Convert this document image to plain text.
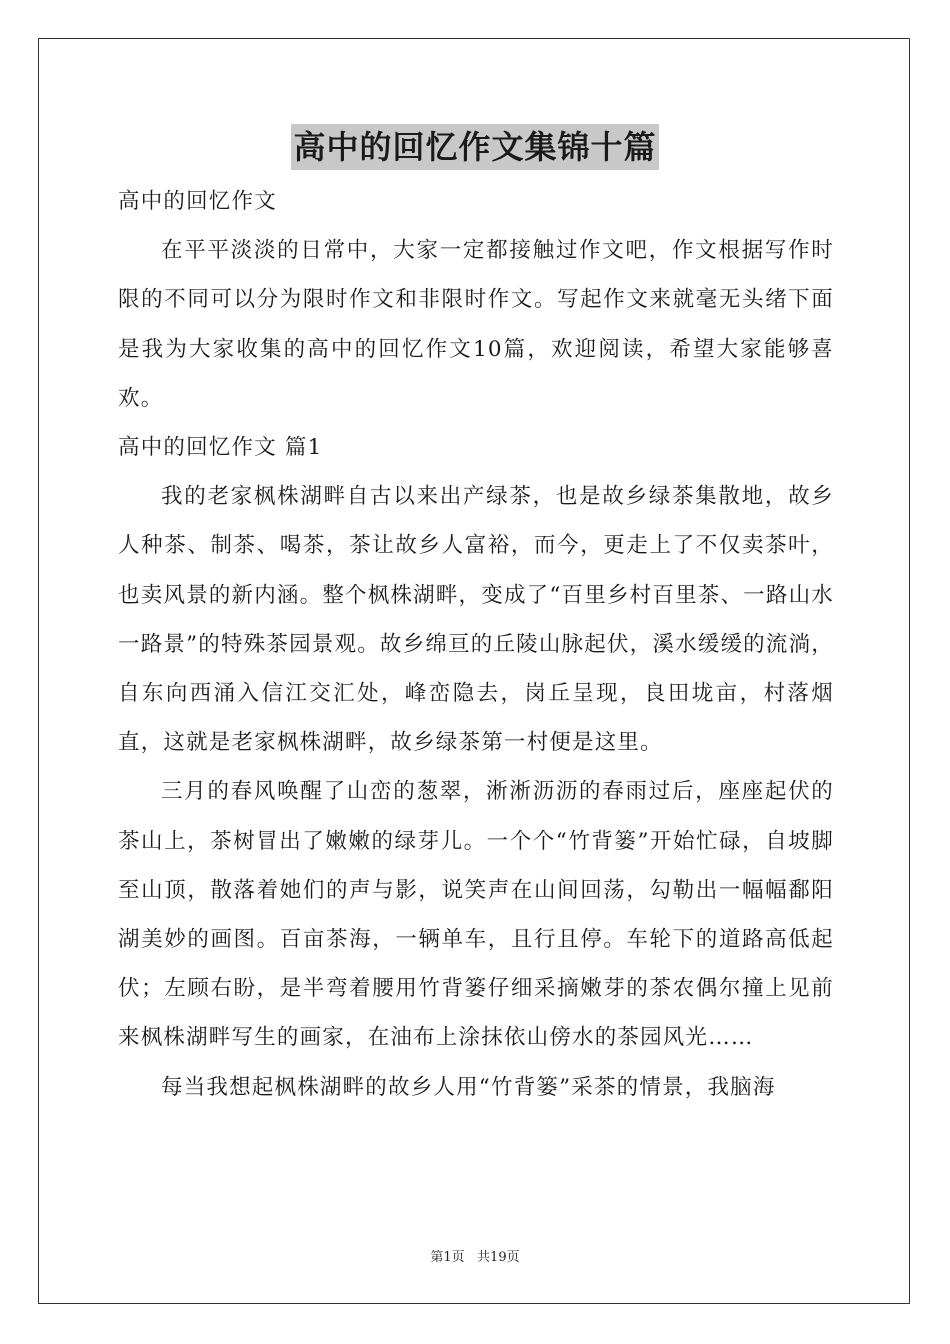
高中的回忆作文集锦十篇

高中的回忆作文

在平平淡淡的日常中，大家一定都接触过作文吧，作文根据写作时限的不同可以分为限时作文和非限时作文。写起作文来就毫无头绪下面是我为大家收集的高中的回忆作文10篇，欢迎阅读，希望大家能够喜欢。

高中的回忆作文 篇1

我的老家枫株湖畔自古以来出产绿茶，也是故乡绿茶集散地，故乡人种茶、制茶、喝茶，茶让故乡人富裕，而今，更走上了不仅卖茶叶，也卖风景的新内涵。整个枫株湖畔，变成了“百里乡村百里茶、一路山水一路景”的特殊茶园景观。故乡绵亘的丘陵山脉起伏，溪水缓缓的流淌，自东向西涌入信江交汇处，峰峦隐去，岗丘呈现，良田垅亩，村落烟直，这就是老家枫株湖畔，故乡绿茶第一村便是这里。

三月的春风唤醒了山峦的葱翠，淅淅沥沥的春雨过后，座座起伏的茶山上，茶树冒出了嫩嫩的绿芽儿。一个个“竹背篓”开始忙碌，自坡脚至山顶，散落着她们的声与影，说笑声在山间回荡，勾勒出一幅幅鄱阳湖美妙的画图。百亩茶海，一辆单车，且行且停。车轮下的道路高低起伏；左顾右盼，是半弯着腰用竹背篓仔细采摘嫩芽的茶农偶尔撞上见前来枫株湖畔写生的画家，在油布上涂抹依山傍水的茶园风光……

每当我想起枫株湖畔的故乡人用“竹背篓”采茶的情景，我脑海

第1页   共19页
